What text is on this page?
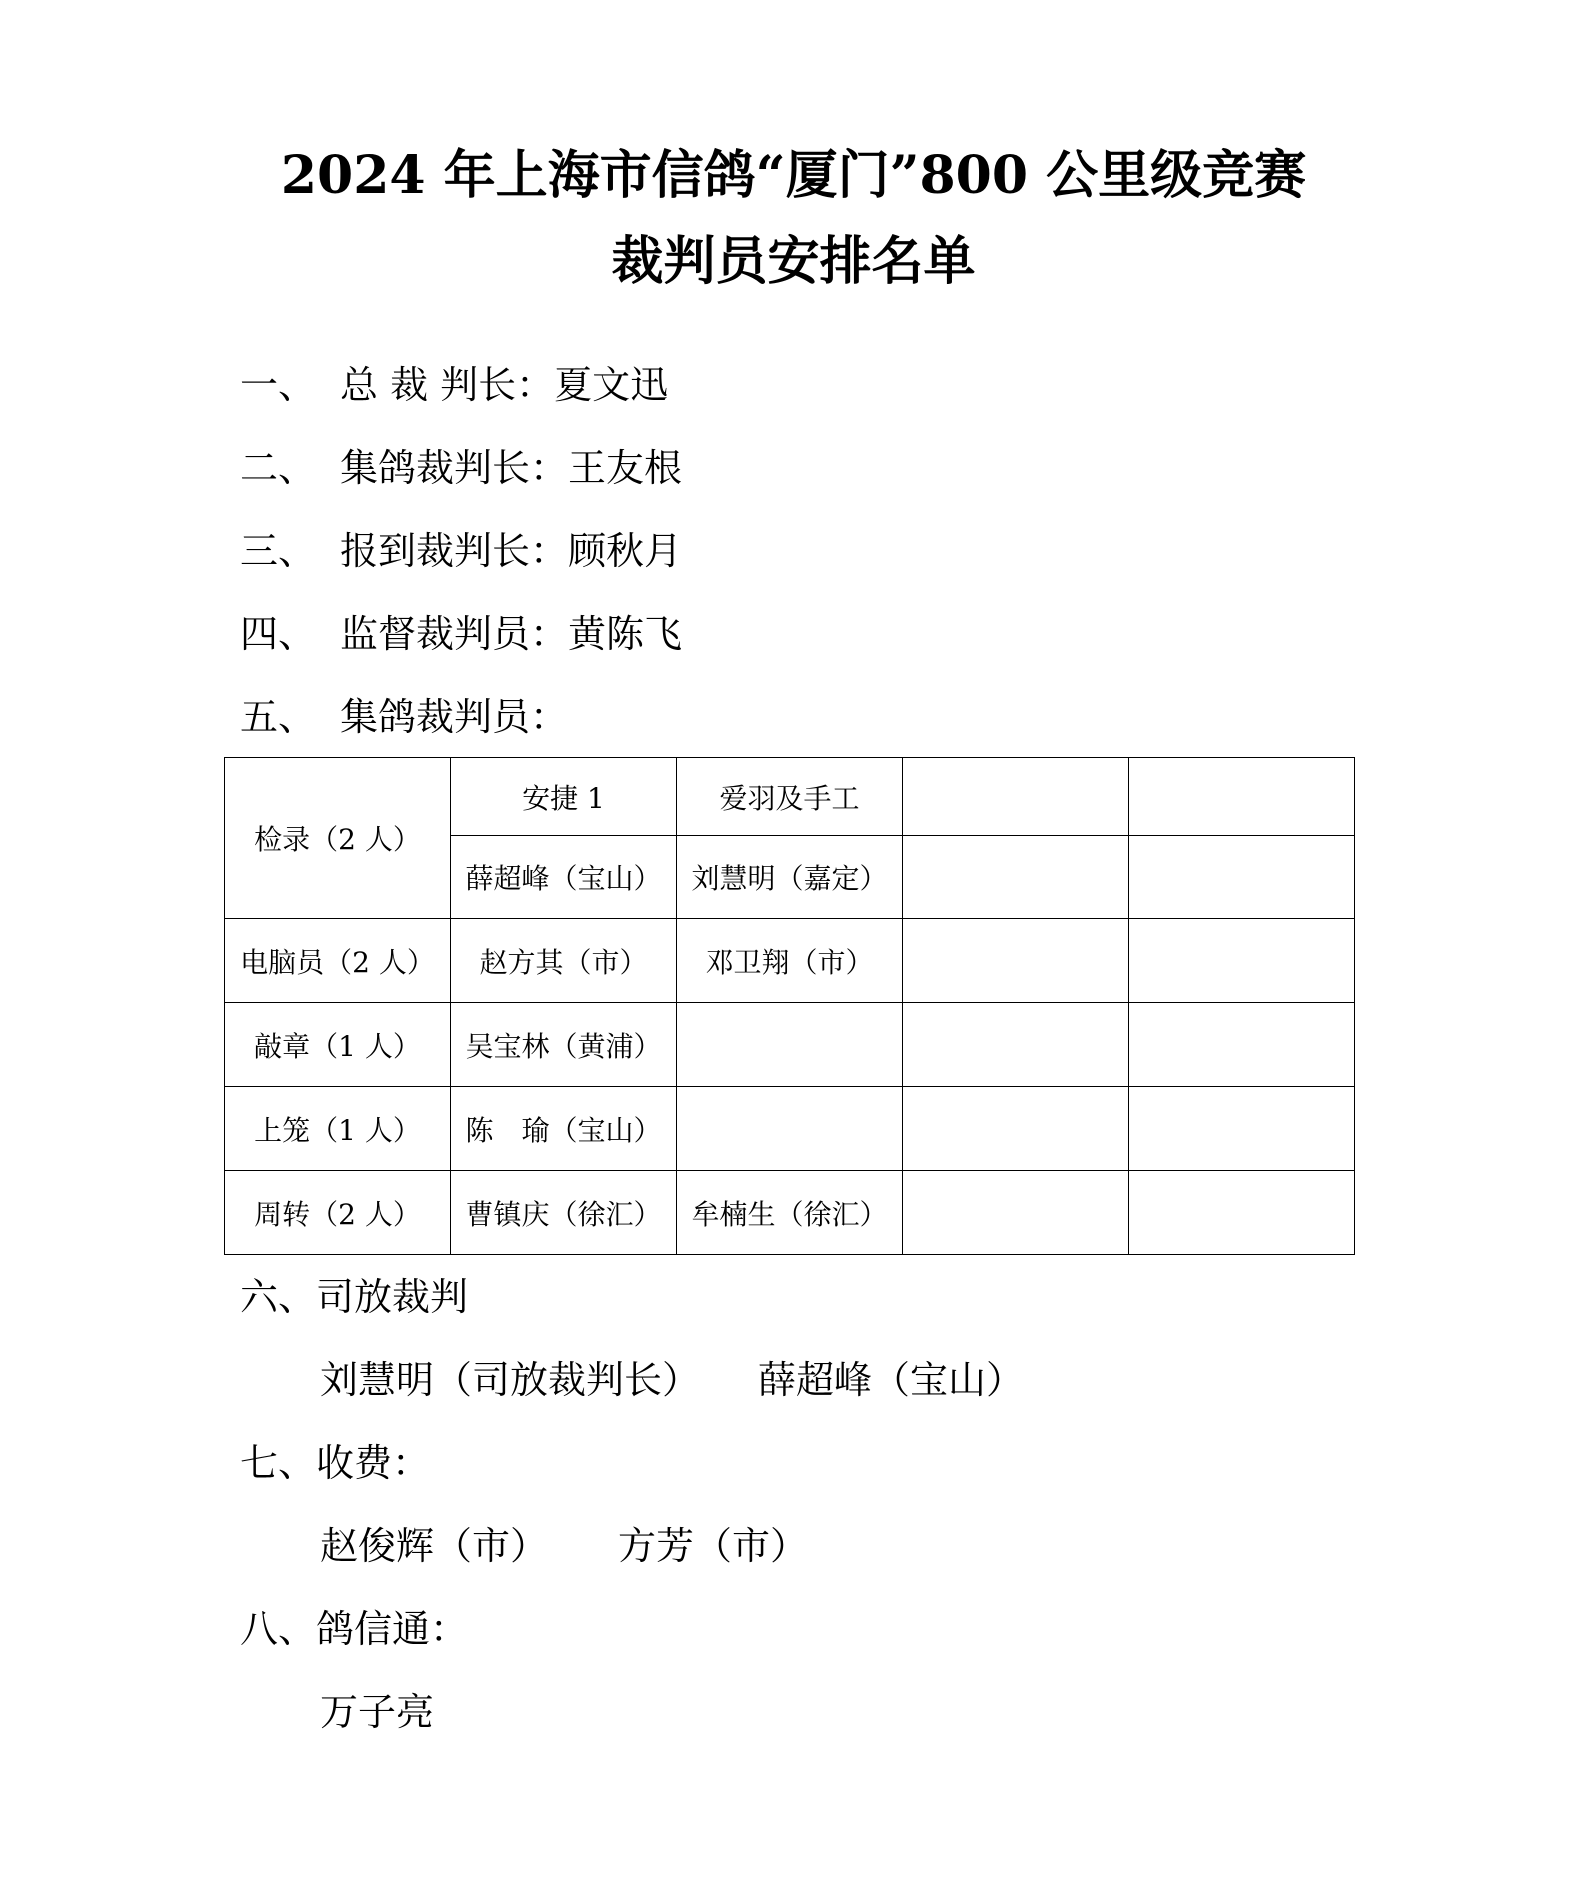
2024 年上海市信鸽“厦门”800 公里级竞赛
裁判员安排名单
一、 总 裁 判长：夏文迅
二、 集鸽裁判长：王友根
三、 报到裁判长：顾秋月
四、 监督裁判员：黄陈飞
五、 集鸽裁判员：
检录（2 人）	安捷 1	爱羽及手工		
	薛超峰（宝山）	刘慧明（嘉定）		
电脑员（2 人）	赵方其（市）	邓卫翔（市）		
敲章（1 人）	吴宝林（黄浦）			
上笼（1 人）	陈　瑜（宝山）			
周转（2 人）	曹镇庆（徐汇）	牟楠生（徐汇）		
六、司放裁判
刘慧明（司放裁判长） 薛超峰（宝山）
七、收费：
赵俊辉（市） 方芳（市）
八、鸽信通：
万子亮
